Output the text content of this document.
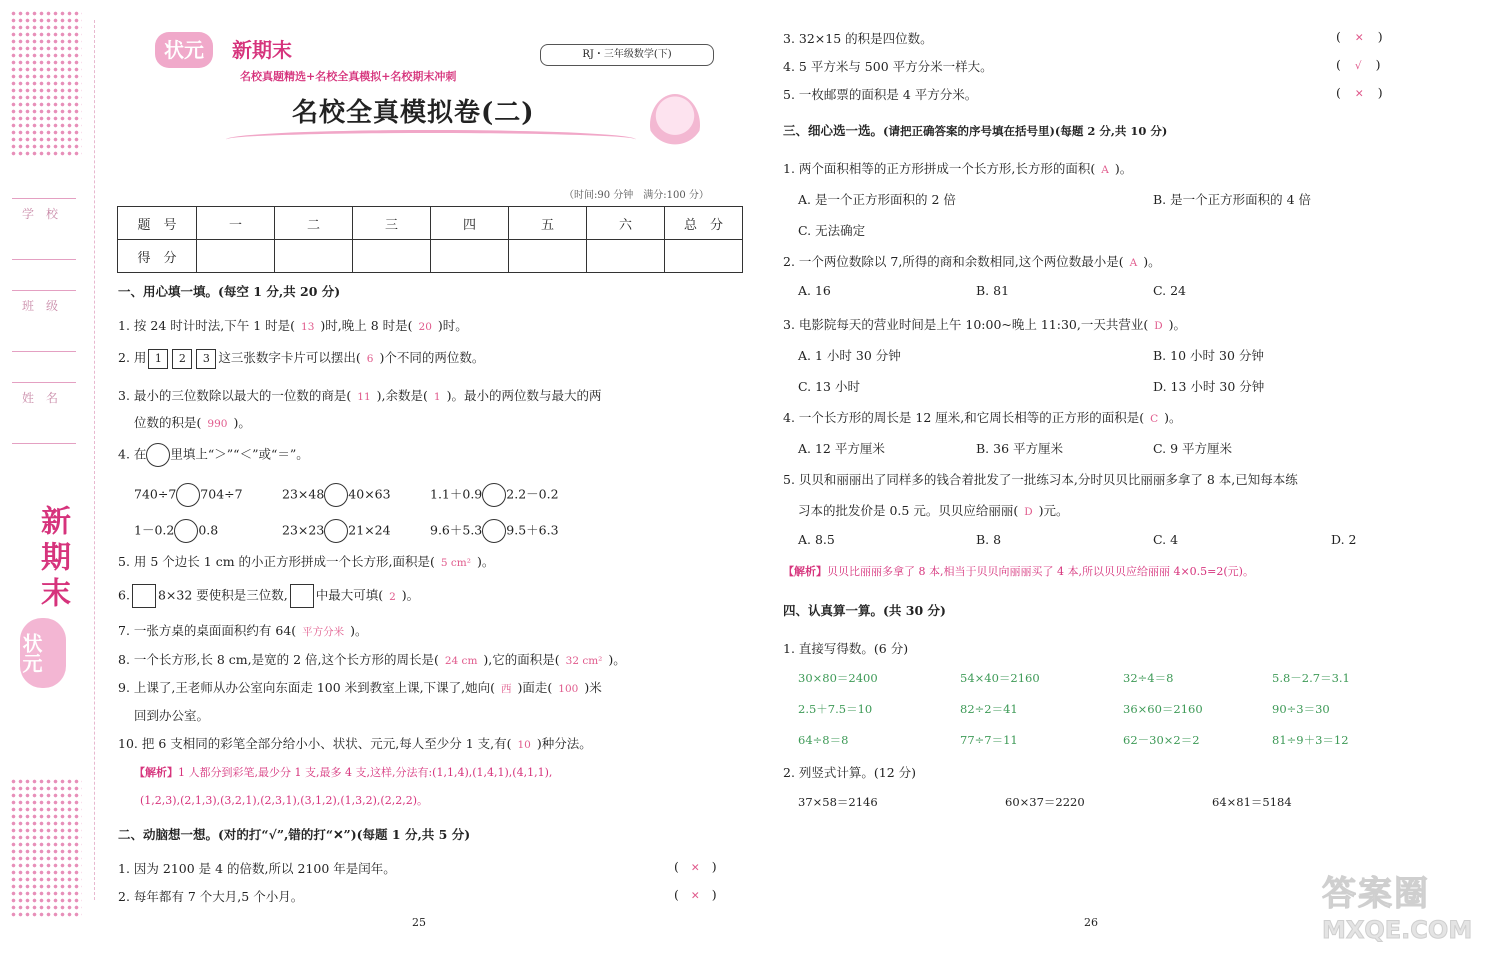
学　校
班　级
姓　名
新期末
状元
状元	新期末	RJ・三年级数学(下)
名校真题精选+名校全真模拟+名校期末冲刺
名校全真模拟卷(二)
（时间:90 分钟　满分:100 分）
题　号	一	二	三	四	五	六	总　分
得　分							
一、用心填一填。(每空 1 分,共 20 分)
1. 按 24 时计时法,下午 1 时是( 13 )时,晚上 8 时是( 20 )时。
2. 用 1 2 3 这三张数字卡片可以摆出( 6 )个不同的两位数。
3. 最小的三位数除以最大的一位数的商是( 11 ),余数是( 1 )。最小的两位数与最大的两
位数的积是( 990 )。
4. 在 里填上“＞”“＜”或“＝”。
740÷7 704÷7	23×48 40×63	1.1＋0.9 2.2－0.2
1－0.2 0.8	23×23 21×24	9.6＋5.3 9.5＋6.3
5. 用 5 个边长 1 cm 的小正方形拼成一个长方形,面积是( 5 cm² )。
6. 8×32 要使积是三位数, 中最大可填( 2 )。
7. 一张方桌的桌面面积约有 64( 平方分米 )。
8. 一个长方形,长 8 cm,是宽的 2 倍,这个长方形的周长是( 24 cm ),它的面积是( 32 cm² )。
9. 上课了,王老师从办公室向东面走 100 米到教室上课,下课了,她向( 西 )面走( 100 )米
回到办公室。
10. 把 6 支相同的彩笔全部分给小小、状状、元元,每人至少分 1 支,有( 10 )种分法。
【解析】1 人都分到彩笔,最少分 1 支,最多 4 支,这样,分法有:(1,1,4),(1,4,1),(4,1,1),
(1,2,3),(2,1,3),(3,2,1),(2,3,1),(3,1,2),(1,3,2),(2,2,2)。
二、动脑想一想。(对的打“√”,错的打“✕”)(每题 1 分,共 5 分)
1. 因为 2100 是 4 的倍数,所以 2100 年是闰年。	( ✕ )
2. 每年都有 7 个大月,5 个小月。	( ✕ )
25
3. 32×15 的积是四位数。	( ✕ )
4. 5 平方米与 500 平方分米一样大。	( √ )
5. 一枚邮票的面积是 4 平方分米。	( ✕ )
三、细心选一选。(请把正确答案的序号填在括号里)(每题 2 分,共 10 分)
1. 两个面积相等的正方形拼成一个长方形,长方形的面积( A )。
A. 是一个正方形面积的 2 倍	B. 是一个正方形面积的 4 倍
C. 无法确定
2. 一个两位数除以 7,所得的商和余数相同,这个两位数最小是( A )。
A. 16	B. 81	C. 24
3. 电影院每天的营业时间是上午 10:00~晚上 11:30,一天共营业( D )。
A. 1 小时 30 分钟	B. 10 小时 30 分钟
C. 13 小时	D. 13 小时 30 分钟
4. 一个长方形的周长是 12 厘米,和它周长相等的正方形的面积是( C )。
A. 12 平方厘米	B. 36 平方厘米	C. 9 平方厘米
5. 贝贝和丽丽出了同样多的钱合着批发了一批练习本,分时贝贝比丽丽多拿了 8 本,已知每本练
习本的批发价是 0.5 元。贝贝应给丽丽( D )元。
A. 8.5	B. 8	C. 4	D. 2
【解析】贝贝比丽丽多拿了 8 本,相当于贝贝向丽丽买了 4 本,所以贝贝应给丽丽 4×0.5=2(元)。
四、认真算一算。(共 30 分)
1. 直接写得数。(6 分)
30×80＝2400	54×40＝2160	32÷4＝8	5.8－2.7＝3.1
2.5＋7.5＝10	82÷2＝41	36×60＝2160	90÷3＝30
64÷8＝8	77÷7＝11	62－30×2＝2	81÷9＋3＝12
2. 列竖式计算。(12 分)
37×58＝2146	60×37＝2220	64×81＝5184
26
答案圈
MXQE.COM
